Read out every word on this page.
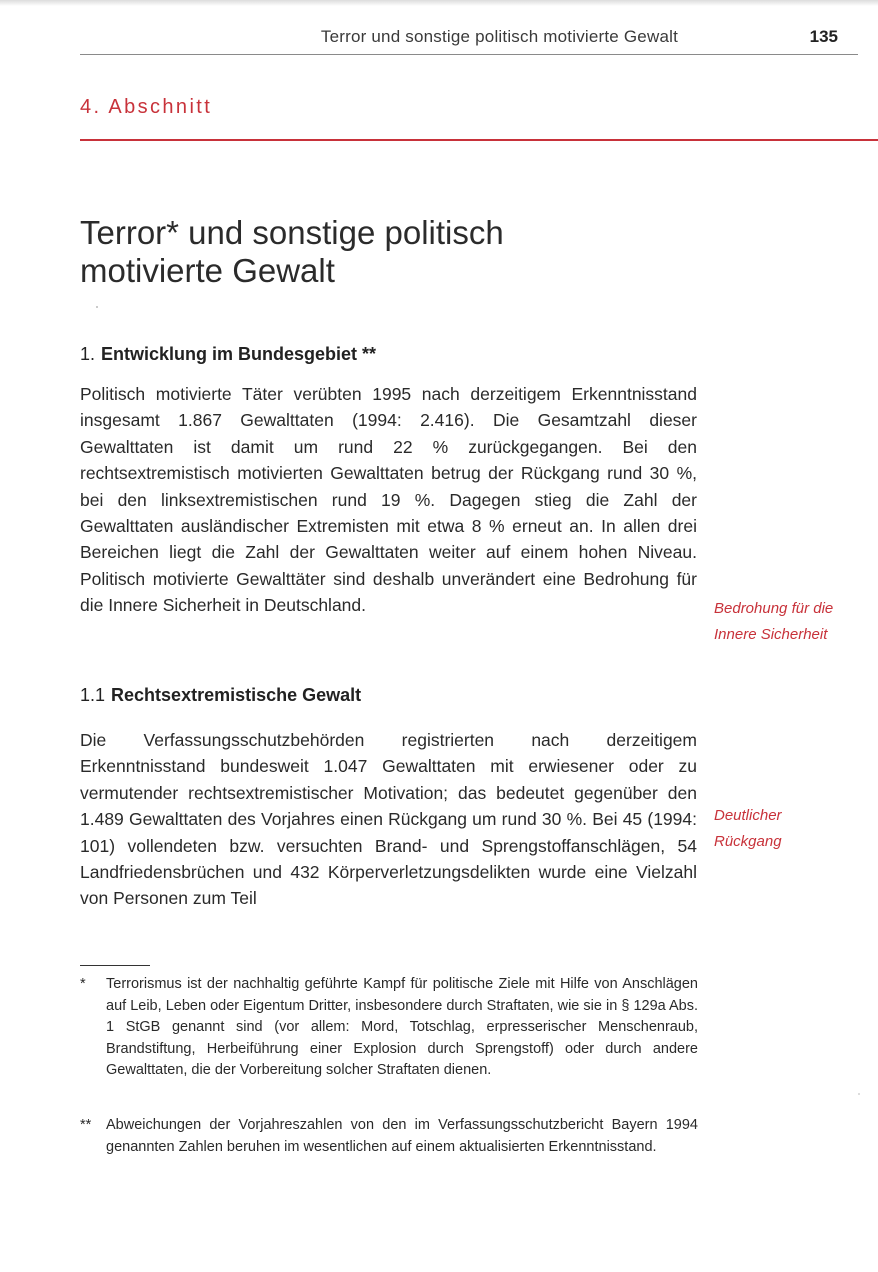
Terror und sonstige politisch motivierte Gewalt	135
4. Abschnitt
Terror* und sonstige politisch
motivierte Gewalt
1. Entwicklung im Bundesgebiet **

Politisch motivierte Täter verübten 1995 nach derzeitigem Erkenntnisstand insgesamt 1.867 Gewalttaten (1994: 2.416). Die Gesamtzahl dieser Gewalttaten ist damit um rund 22 % zurückgegangen. Bei den rechtsextremistisch motivierten Gewalttaten betrug der Rückgang rund 30 %, bei den linksextremistischen rund 19 %. Dagegen stieg die Zahl der Gewalttaten ausländischer Extremisten mit etwa 8 % erneut an. In allen drei Bereichen liegt die Zahl der Gewalttaten weiter auf einem hohen Niveau. Politisch motivierte Gewalttäter sind deshalb unverändert eine Bedrohung für die Innere Sicherheit in Deutschland.	Bedrohung für die
Innere Sicherheit
1.1 Rechtsextremistische Gewalt

Die Verfassungsschutzbehörden registrierten nach derzeitigem Erkenntnisstand bundesweit 1.047 Gewalttaten mit erwiesener oder zu vermutender rechtsextremistischer Motivation; das bedeutet gegenüber den 1.489 Gewalttaten des Vorjahres einen Rückgang um rund 30 %. Bei 45 (1994: 101) vollendeten bzw. versuchten Brand- und Sprengstoffanschlägen, 54 Landfriedensbrüchen und 432 Körperverletzungsdelikten wurde eine Vielzahl von Personen zum Teil

Deutlicher
Rückgang
*	Terrorismus ist der nachhaltig geführte Kampf für politische Ziele mit Hilfe von Anschlägen auf Leib, Leben oder Eigentum Dritter, insbesondere durch Straftaten, wie sie in § 129a Abs. 1 StGB genannt sind (vor allem: Mord, Totschlag, erpresserischer Menschenraub, Brandstiftung, Herbeiführung einer Explosion durch Sprengstoff) oder durch andere Gewalttaten, die der Vorbereitung solcher Straftaten dienen.
**	Abweichungen der Vorjahreszahlen von den im Verfassungsschutzbericht Bayern 1994 genannten Zahlen beruhen im wesentlichen auf einem aktualisierten Erkenntnisstand.
